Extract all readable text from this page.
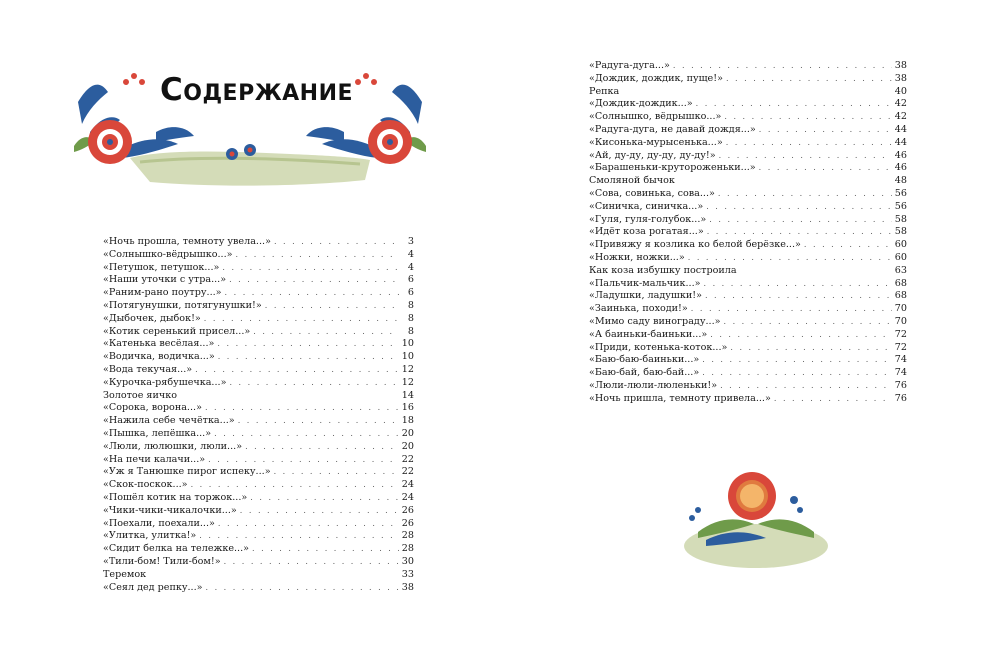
Содержание
«Ночь прошла, темноту увела...» . . .	3
«Солнышко-вёдрышко...» . . .	4
«Петушок, петушок...» . . .	4
«Наши уточки с утра...» . . .	6
«Раним-рано поутру...» . . .	6
«Потягунушки, потягунушки!» . . .	8
«Дыбочек, дыбок!» . . .	8
«Котик серенький присел...» . . .	8
«Катенька весёлая...» . . .	10
«Водичка, водичка...» . . .	10
«Вода текучая...» . . .	12
«Курочка-рябушечка...» . . .	12
Золотое яичко	14
«Сорока, ворона...» . . .	16
«Нажила себе чечётка...» . . .	18
«Пышка, лепёшка...» . . .	20
«Люли, люлюшки, люли...» . . .	20
«На печи калачи...» . . .	22
«Уж я Танюшке пирог испеку...» . . .	22
«Скок-поскок...» . . .	24
«Пошёл котик на торжок...» . . .	24
«Чики-чики-чикалочки...» . . .	26
«Поехали, поехали...» . . .	26
«Улитка, улитка!» . . .	28
«Сидит белка на тележке...» . . .	28
«Тили-бом! Тили-бом!» . . .	30
Теремок	33
«Сеял дед репку...» . . .	38
«Радуга-дуга...» . . .	38
«Дождик, дождик, пуще!» . . .	38
Репка	40
«Дождик-дождик...» . . .	42
«Солнышко, вёдрышко...» . . .	42
«Радуга-дуга, не давай дождя...» . . .	44
«Кисонька-мурысенька...» . . .	44
«Ай, ду-ду, ду-ду, ду-ду!» . . .	46
«Барашеньки-крутороженьки...» . . .	46
Смоляной бычок	48
«Сова, совинька, сова...» . . .	56
«Синичка, синичка...» . . .	56
«Гуля, гуля-голубок...» . . .	58
«Идёт коза рогатая...» . . .	58
«Привяжу я козлика ко белой берёзке...» . . .	60
«Ножки, ножки...» . . .	60
Как коза избушку построила	63
«Пальчик-мальчик...» . . .	68
«Ладушки, ладушки!» . . .	68
«Заинька, походи!» . . .	70
«Мимо саду винограду...» . . .	70
«А баиньки-баиньки...» . . .	72
«Приди, котенька-коток...» . . .	72
«Баю-баю-баиньки...» . . .	74
«Баю-бай, баю-бай...» . . .	74
«Люли-люли-люленьки!» . . .	76
«Ночь пришла, темноту привела...» . . .	76
